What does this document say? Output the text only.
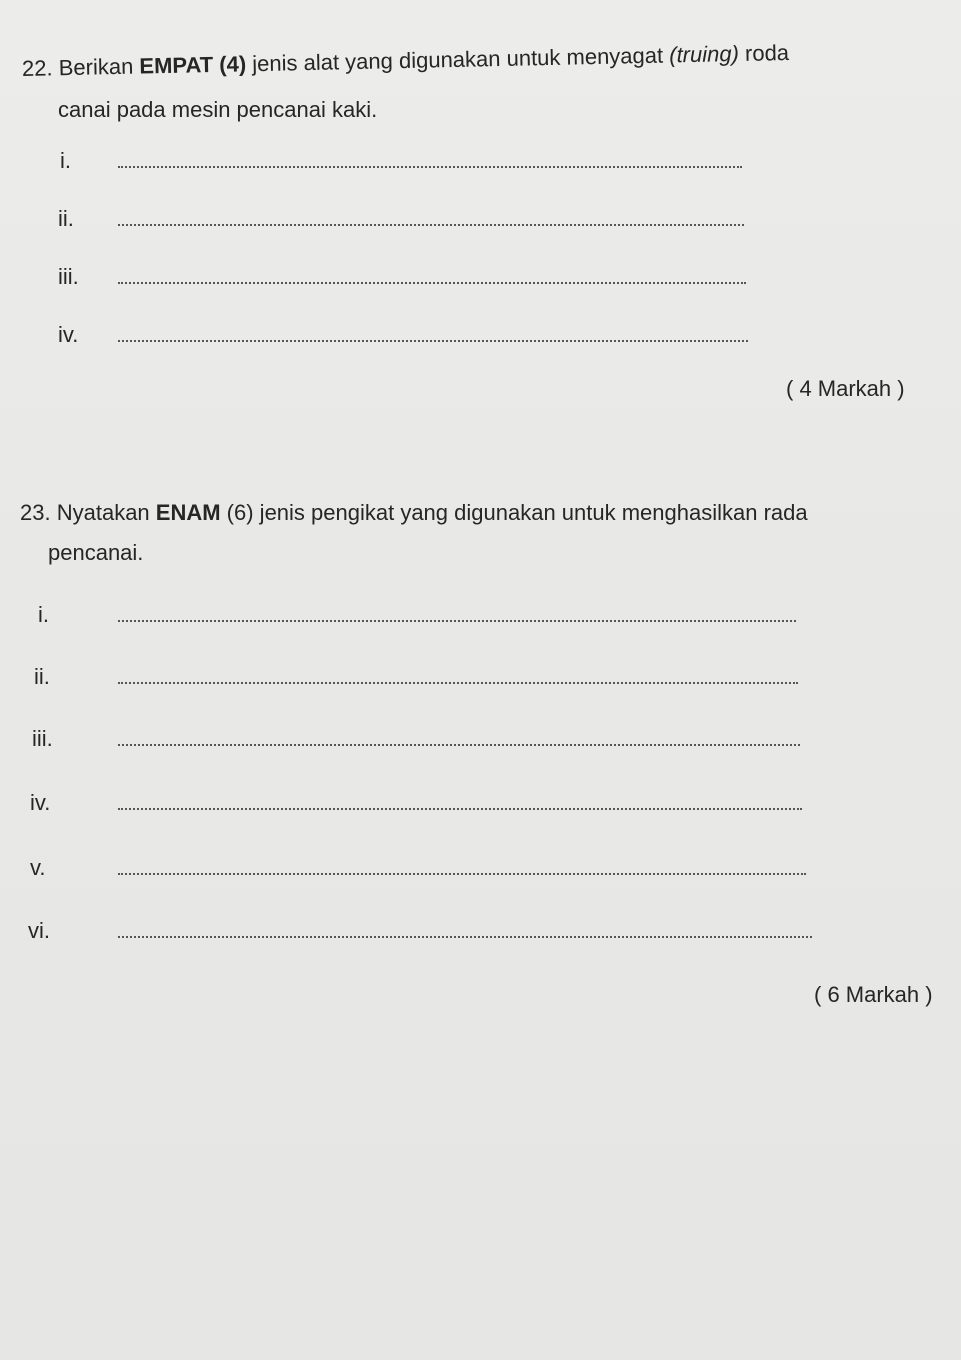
22. Berikan EMPAT (4) jenis alat yang digunakan untuk menyagat (truing) roda
canai pada mesin pencanai kaki.
i.
ii.
iii.
iv.
( 4 Markah )
23. Nyatakan ENAM (6) jenis pengikat yang digunakan untuk menghasilkan rada
pencanai.
i.
ii.
iii.
iv.
v.
vi.
( 6 Markah )
